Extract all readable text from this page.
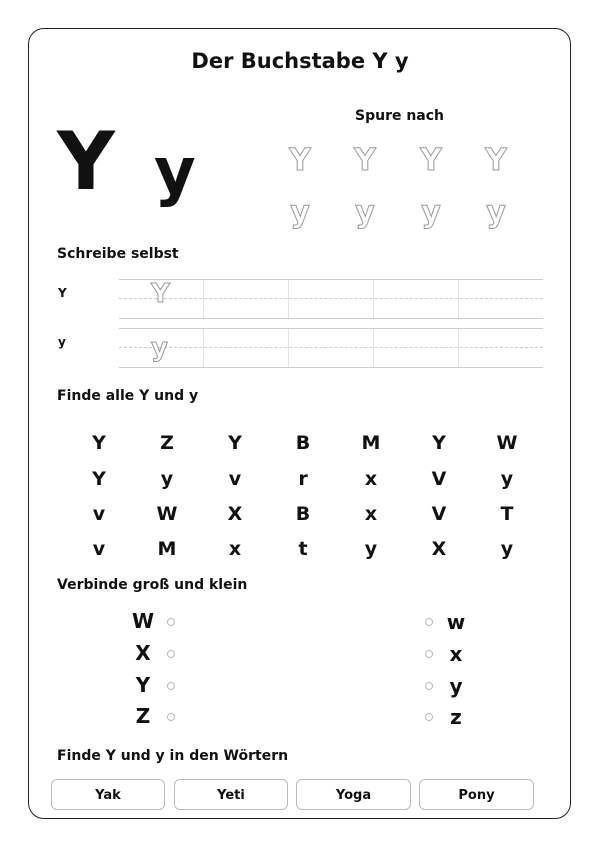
Der Buchstabe Y y
Y y
Spure nach
Y Y Y Y
y y y y
Schreibe selbst
Y	Y
y	y
Finde alle Y und y
Y	Z	Y	B	M	Y	W
Y	y	v	r	x	V	y
v	W	X	B	x	V	T
v	M	x	t	y	X	y
Verbinde groß und klein
W
X
Y
Z
w
x
y
z
Finde Y und y in den Wörtern
Yak	Yeti	Yoga	Pony
